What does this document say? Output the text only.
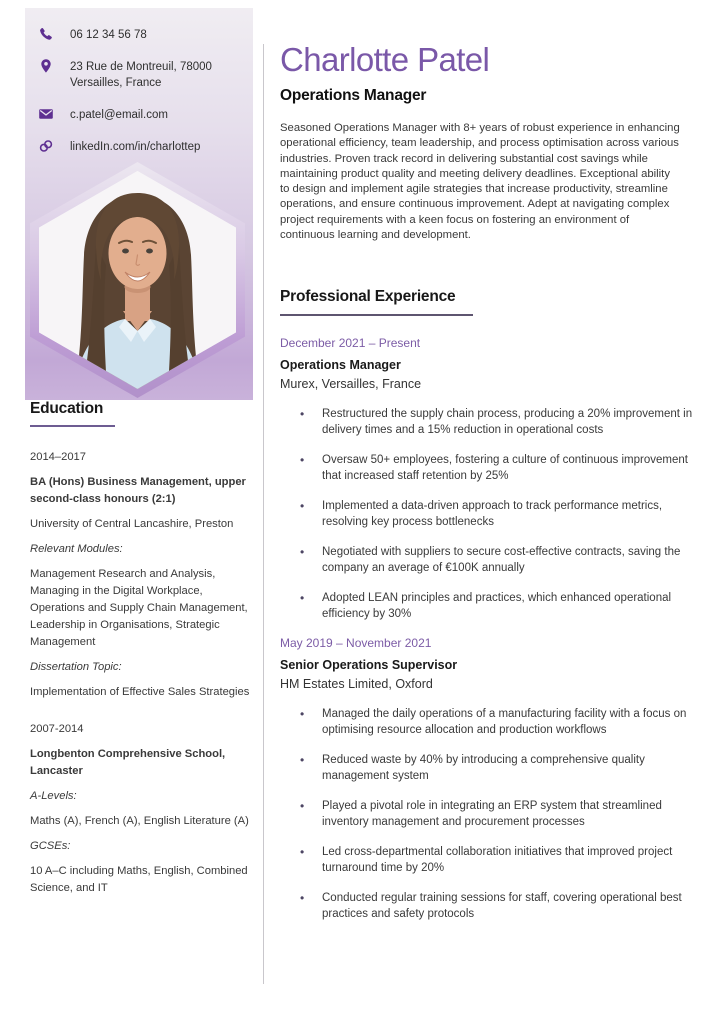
06 12 34 56 78
23 Rue de Montreuil, 78000 Versailles, France
c.patel@email.com
linkedIn.com/in/charlottep
Education

2014–2017

BA (Hons) Business Management, upper second-class honours (2:1)

University of Central Lancashire, Preston

Relevant Modules:

Management Research and Analysis, Managing in the Digital Workplace, Operations and Supply Chain Management, Leadership in Organisations, Strategic Management

Dissertation Topic:

Implementation of Effective Sales Strategies

2007-2014

Longbenton Comprehensive School, Lancaster

A-Levels:

Maths (A), French (A), English Literature (A)

GCSEs:

10 A–C including Maths, English, Combined Science, and IT

Charlotte Patel
Operations Manager
Seasoned Operations Manager with 8+ years of robust experience in enhancing operational efficiency, team leadership, and process optimisation across various industries. Proven track record in delivering substantial cost savings while maintaining product quality and meeting delivery deadlines. Exceptional ability to design and implement agile strategies that increase productivity, streamline operations, and ensure continuous improvement. Adept at navigating complex project requirements with a keen focus on fostering an environment of continuous learning and development.
Professional Experience
December 2021 – Present
Operations Manager
Murex, Versailles, France
• Restructured the supply chain process, producing a 20% improvement in delivery times and a 15% reduction in operational costs
• Oversaw 50+ employees, fostering a culture of continuous improvement that increased staff retention by 25%
• Implemented a data-driven approach to track performance metrics, resolving key process bottlenecks
• Negotiated with suppliers to secure cost-effective contracts, saving the company an average of €100K annually
• Adopted LEAN principles and practices, which enhanced operational efficiency by 30%
May 2019 – November 2021
Senior Operations Supervisor
HM Estates Limited, Oxford
• Managed the daily operations of a manufacturing facility with a focus on optimising resource allocation and production workflows
• Reduced waste by 40% by introducing a comprehensive quality management system
• Played a pivotal role in integrating an ERP system that streamlined inventory management and procurement processes
• Led cross-departmental collaboration initiatives that improved project turnaround time by 20%
• Conducted regular training sessions for staff, covering operational best practices and safety protocols
